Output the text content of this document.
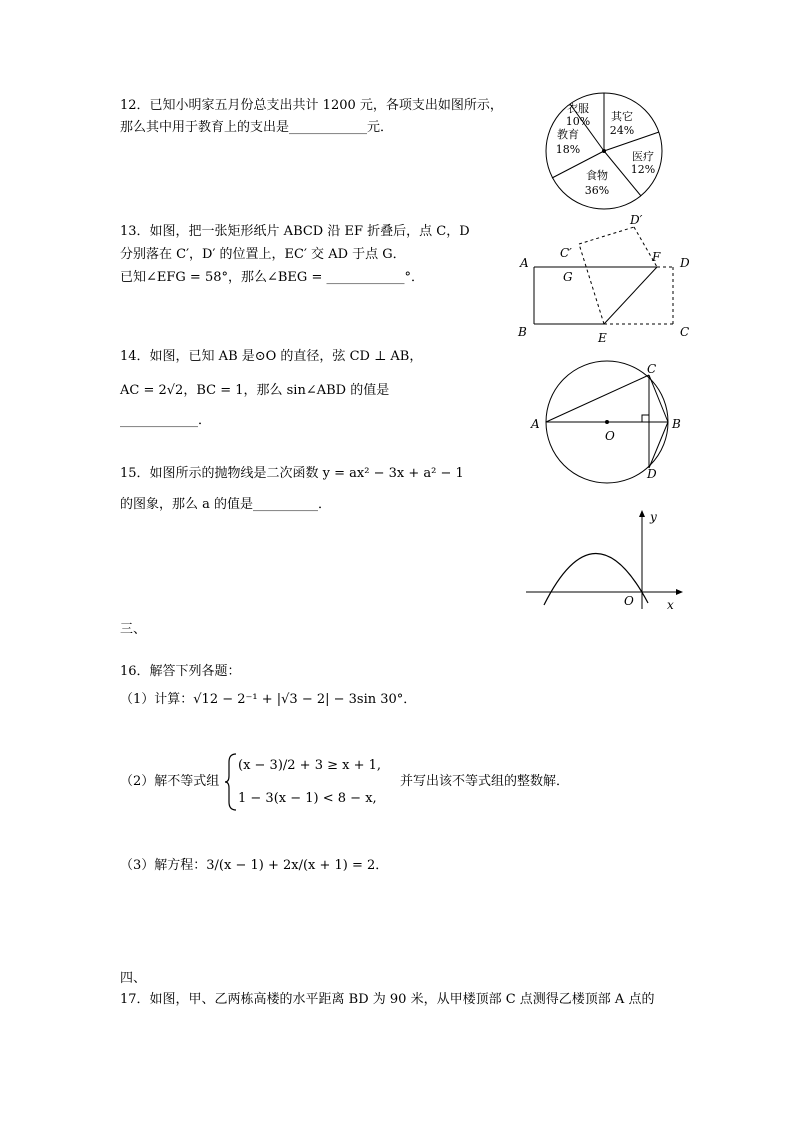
12．已知小明家五月份总支出共计 1200 元，各项支出如图所示，
那么其中用于教育上的支出是____________元．
衣服
10% 其它
24%
医疗
12%
食物
36%
教育
18%
13．如图，把一张矩形纸片 ABCD 沿 EF 折叠后，点 C，D
分别落在 C′，D′ 的位置上，EC′ 交 AD 于点 G．
已知∠EFG = 58°，那么∠BEG = ____________°．
A
B	C
D
E
F
G
C′
D′
14．如图，已知 AB 是⊙O 的直径，弦 CD ⊥ AB，
AC = 2√2，BC = 1，那么 sin∠ABD 的值是
____________．	A	B
C
D
O
15．如图所示的抛物线是二次函数 y = ax² − 3x + a² − 1
的图象，那么 a 的值是__________．
y
x
O
三、
16．解答下列各题：
（1）计算：√12 − 2⁻¹ + |√3 − 2| − 3sin 30°．
（2）解不等式组
(x − 3)/2 + 3 ≥ x + 1,
1 − 3(x − 1) < 8 − x,
并写出该不等式组的整数解．
（3）解方程：3/(x − 1) + 2x/(x + 1) = 2．
四、
17．如图，甲、乙两栋高楼的水平距离 BD 为 90 米，从甲楼顶部 C 点测得乙楼顶部 A 点的
